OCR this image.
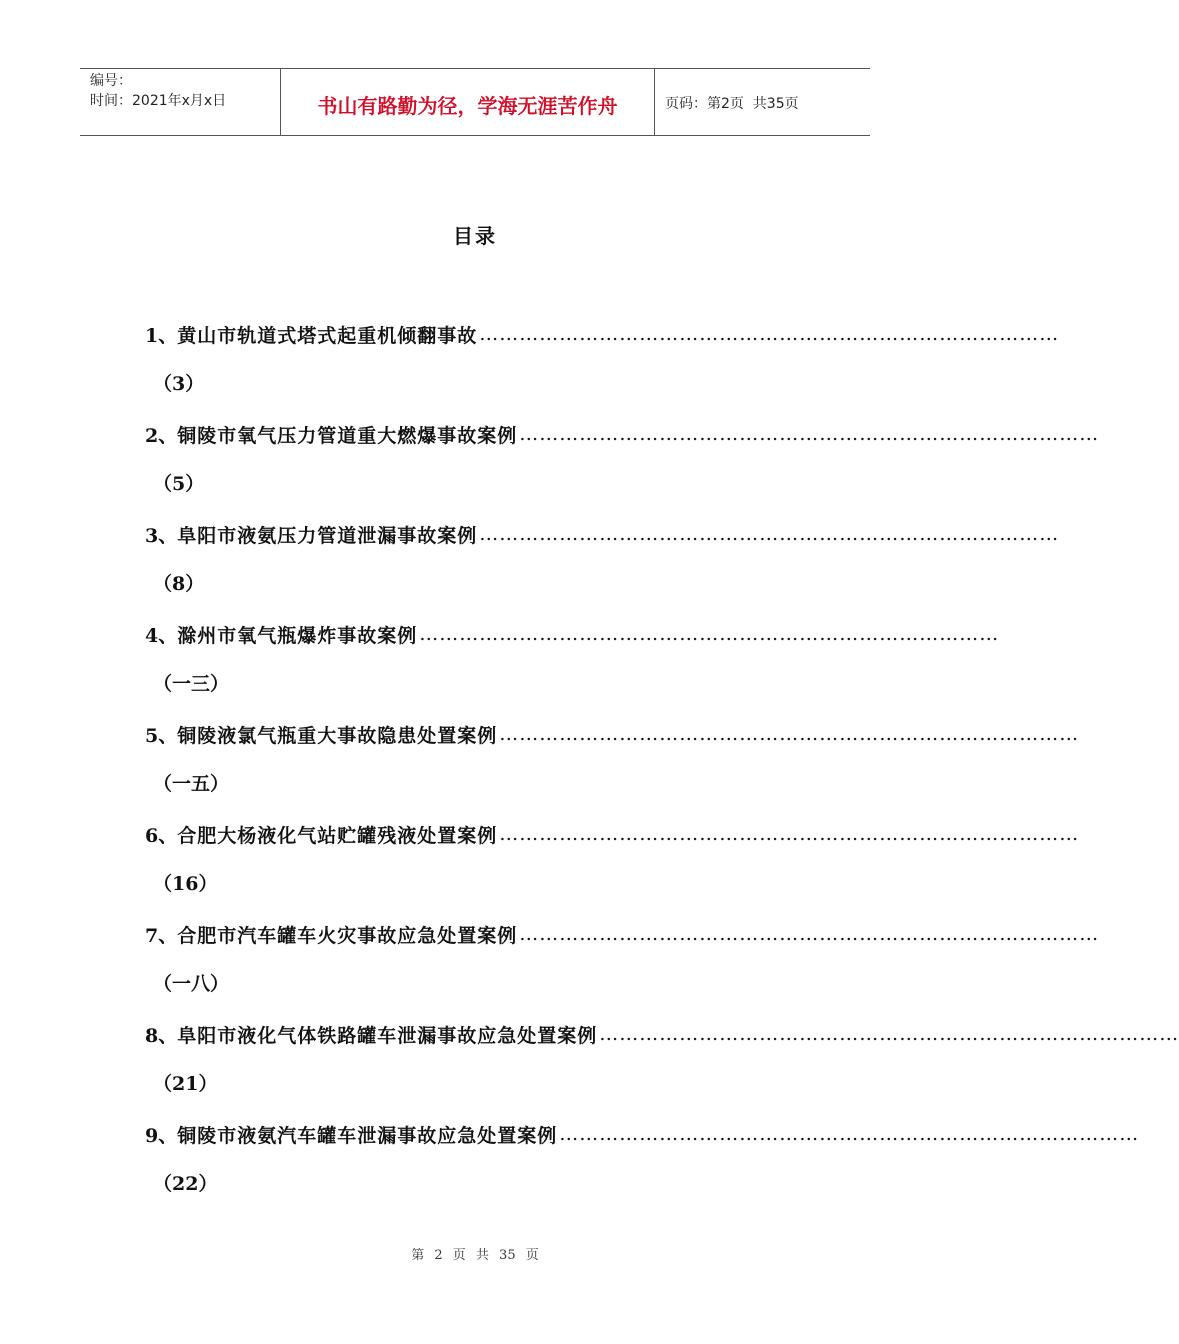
编号：
时间：2021年x月x日	书山有路勤为径，学海无涯苦作舟	页码：第2页  共35页
目录
1、 黄山市轨道式塔式起重机倾翻事故 ……………………………………………………………………………
（3）
2、 铜陵市氧气压力管道重大燃爆事故案例 ……………………………………………………………………………
（5）
3、 阜阳市液氨压力管道泄漏事故案例 ……………………………………………………………………………
（8）
4、 滁州市氧气瓶爆炸事故案例 ……………………………………………………………………………
（一三）
5、 铜陵液氯气瓶重大事故隐患处置案例 ……………………………………………………………………………
（一五）
6、 合肥大杨液化气站贮罐残液处置案例 ……………………………………………………………………………
（16）
7、 合肥市汽车罐车火灾事故应急处置案例 ……………………………………………………………………………
（一八）
8、 阜阳市液化气体铁路罐车泄漏事故应急处置案例 ……………………………………………………………………………
（21）
9、 铜陵市液氨汽车罐车泄漏事故应急处置案例 ……………………………………………………………………………
（22）
第 2 页 共 35 页
